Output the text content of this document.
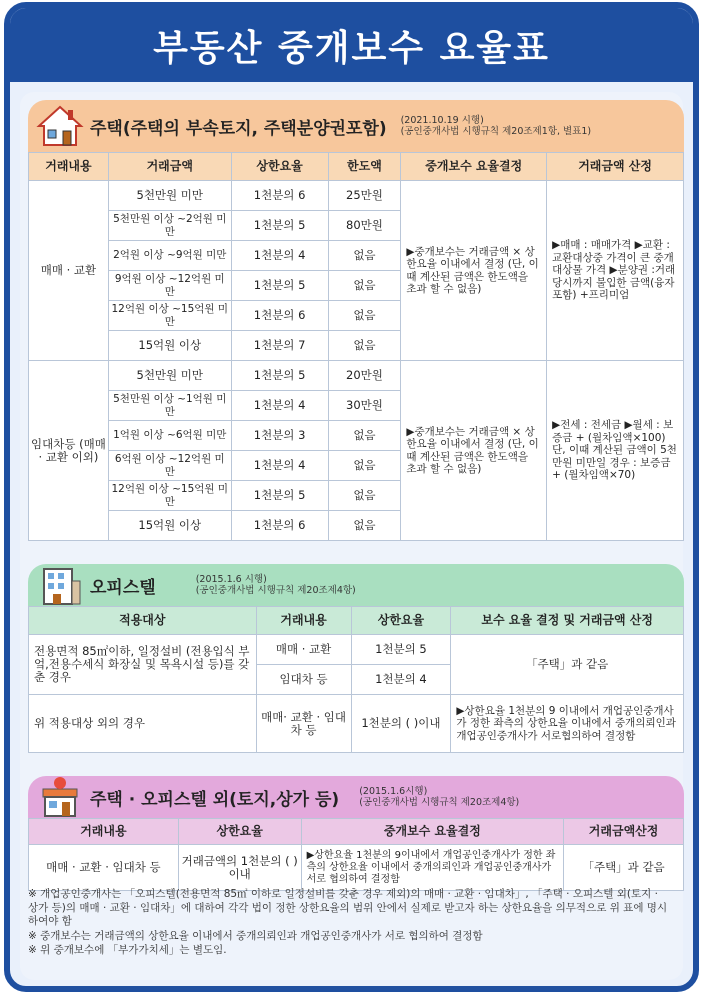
부동산 중개보수 요율표
주택(주택의 부속토지, 주택분양권포함) (2021.10.19 시행)
(공인중개사법 시행규칙 제20조제1항, 별표1)
거래내용	거래금액	상한요율	한도액	중개보수 요율결정	거래금액 산정
매매 · 교환	5천만원 미만	1천분의 6	25만원	▶중개보수는 거래금액 × 상한요율 이내에서 결정 (단, 이때 계산된 금액은 한도액을 초과 할 수 없음)	▶매매 : 매매가격 ▶교환 : 교환대상중 가격이 큰 중개 대상물 가격 ▶분양권 :거래당시까지 불입한 금액(융자 포함) +프리미엄
	5천만원 이상 ~2억원 미만	1천분의 5	80만원		
	2억원 이상 ~9억원 미만	1천분의 4	없음		
	9억원 이상 ~12억원 미만	1천분의 5	없음		
	12억원 이상 ~15억원 미만	1천분의 6	없음		
	15억원 이상	1천분의 7	없음		
임대차등 (매매 · 교환 이외)	5천만원 미만	1천분의 5	20만원	▶중개보수는 거래금액 × 상한요율 이내에서 결정 (단, 이때 계산된 금액은 한도액을 초과 할 수 없음)	▶전세 : 전세금 ▶월세 : 보증금 + (월차임액×100) 단, 이때 계산된 금액이 5천만원 미만일 경우 : 보증금 + (월차임액×70)
	5천만원 이상 ~1억원 미만	1천분의 4	30만원		
	1억원 이상 ~6억원 미만	1천분의 3	없음		
	6억원 이상 ~12억원 미만	1천분의 4	없음		
	12억원 이상 ~15억원 미만	1천분의 5	없음		
	15억원 이상	1천분의 6	없음		
오피스텔	(2015.1.6 시행)
(공인중개사법 시행규칙 제20조제4항)
적용대상	거래내용	상한요율	보수 요율 결정 및 거래금액 산정
전용면적 85㎡이하, 일정설비 (전용입식 부엌,전용수세식 화장실 및 목욕시설 등)를 갖춘 경우	매매 · 교환	1천분의 5	「주택」과 같음
	임대차 등	1천분의 4	
위 적용대상 외의 경우	매매· 교환 · 임대차 등	1천분의 ( )이내	▶상한요율 1천분의 9 이내에서 개업공인중개사가 정한 좌측의 상한요율 이내에서 중개의뢰인과 개업공인중개사가 서로협의하여 결정함
주택 · 오피스텔 외(토지,상가 등) (2015.1.6시행)
(공인중개사법 시행규칙 제20조제4항)
거래내용	상한요율	중개보수 요율결정	거래금액산정
매매 · 교환 · 임대차 등	거래금액의 1천분의 ( ) 이내	▶상한요율 1천분의 9이내에서 개업공인중개사가 정한 좌측의 상한요율 이내에서 중개의뢰인과 개업공인중개사가 서로 협의하여 결정함	「주택」과 같음

※ 개업공인중개사는 「오피스텔(전용면적 85㎡ 이하로 일정설비를 갖춘 경우 제외)의 매매 · 교환 · 임대차」, 「주택 · 오피스텔 외(토지 · 상가 등)의 매매 · 교환 · 임대차」에 대하여 각각 법이 정한 상한요율의 범위 안에서 실제로 받고자 하는 상한요율을 의무적으로 위 표에 명시하여야 함

※ 중개보수는 거래금액의 상한요율 이내에서 중개의뢰인과 개업공인중개사가 서로 협의하여 결정함

※ 위 중개보수에 「부가가치세」는 별도임.
